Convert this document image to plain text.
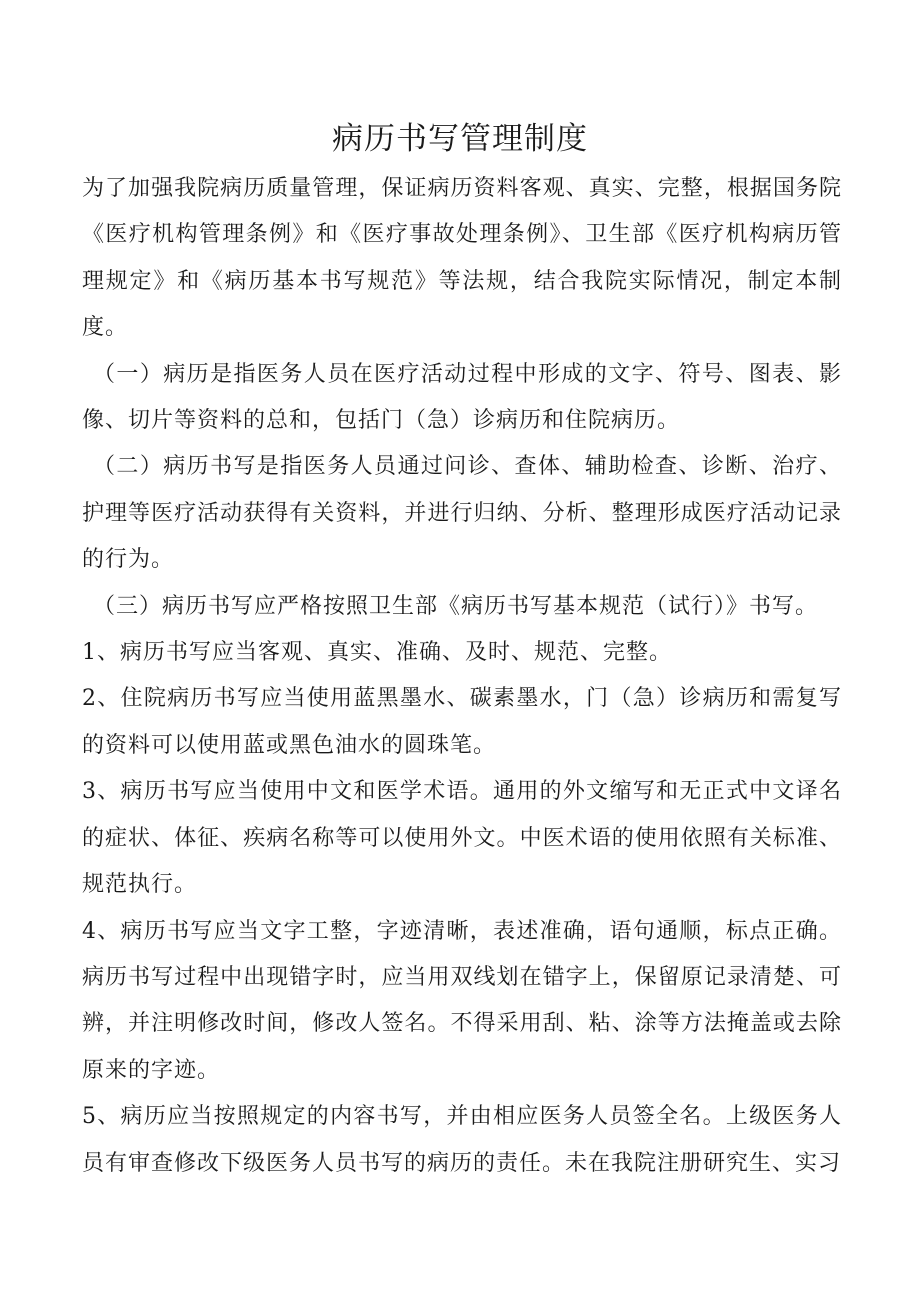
病历书写管理制度

为了加强我院病历质量管理，保证病历资料客观、真实、完整，根据国务院《医疗机构管理条例》和《医疗事故处理条例》、卫生部《医疗机构病历管理规定》和《病历基本书写规范》等法规，结合我院实际情况，制定本制度。

（一）病历是指医务人员在医疗活动过程中形成的文字、符号、图表、影像、切片等资料的总和，包括门（急）诊病历和住院病历。

（二）病历书写是指医务人员通过问诊、查体、辅助检查、诊断、治疗、护理等医疗活动获得有关资料，并进行归纳、分析、整理形成医疗活动记录的行为。

（三）病历书写应严格按照卫生部《病历书写基本规范（试行）》书写。

1、病历书写应当客观、真实、准确、及时、规范、完整。

2、住院病历书写应当使用蓝黑墨水、碳素墨水，门（急）诊病历和需复写的资料可以使用蓝或黑色油水的圆珠笔。

3、病历书写应当使用中文和医学术语。通用的外文缩写和无正式中文译名的症状、体征、疾病名称等可以使用外文。中医术语的使用依照有关标准、规范执行。

4、病历书写应当文字工整，字迹清晰，表述准确，语句通顺，标点正确。病历书写过程中出现错字时，应当用双线划在错字上，保留原记录清楚、可辨，并注明修改时间，修改人签名。不得采用刮、粘、涂等方法掩盖或去除原来的字迹。

5、病历应当按照规定的内容书写，并由相应医务人员签全名。上级医务人员有审查修改下级医务人员书写的病历的责任。未在我院注册研究生、实习
